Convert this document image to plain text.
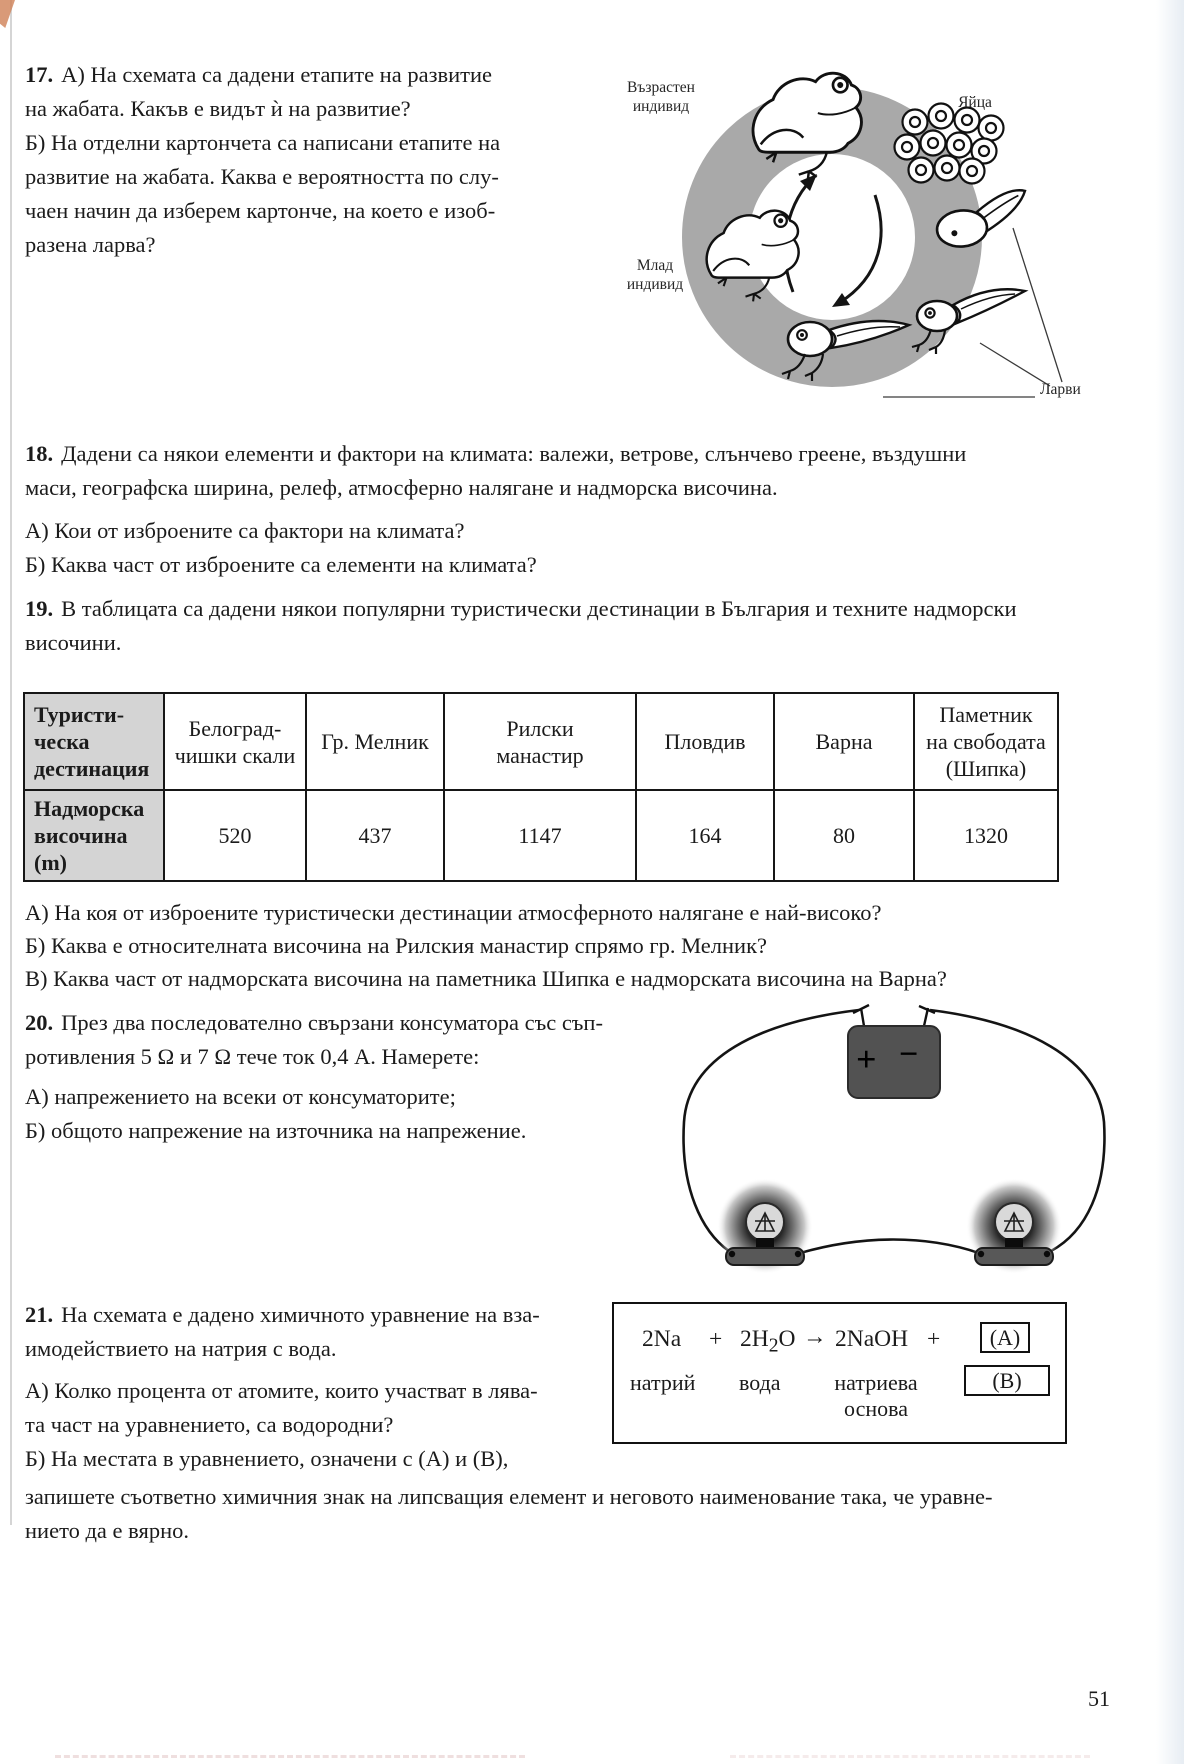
17. А) На схемата са дадени етапите на развитие
на жабата. Какъв е видът ѝ на развитие?
Б) На отделни картончета са написани етапите на
развитие на жабата. Каква е вероятността по слу-
чаен начин да изберем картонче, на което е изоб-
разена ларва?
Възрастен
индивид	Яйца
Млад
индивид
Ларви
18. Дадени са някои елементи и фактори на климата: валежи, ветрове, слънчево греене, въздушни
маси, географска ширина, релеф, атмосферно налягане и надморска височина.
А) Кои от изброените са фактори на климата?
Б) Каква част от изброените са елементи на климата?
19. В таблицата са дадени някои популярни туристически дестинации в България и техните надморски
височини.
Туристи-
ческа
дестинация	Белоград-
чишки скали	Гр. Мелник	Рилски
манастир	Пловдив	Варна	Паметник
на свободата
(Шипка)
Надморска
височина
(m)	520	437	1147	164	80	1320
А) На коя от изброените туристически дестинации атмосферното налягане е най-високо?
Б) Каква е относителната височина на Рилския манастир спрямо гр. Мелник?
В) Каква част от надморската височина на паметника Шипка е надморската височина на Варна?
20. През два последователно свързани консуматора със съп-
ротивления 5 Ω и 7 Ω тече ток 0,4 А. Намерете:
А) напрежението на всеки от консуматорите;
Б) общото напрежение на източника на напрежение.
+ −
21. На схемата е дадено химичното уравнение на вза-
имодействието на натрия с вода.
А) Колко процента от атомите, които участват в лява-
та част на уравнението, са водородни?
Б) На местата в уравнението, означени с (А) и (В),
$2Na + 2H_2O$ → 2NaOH +	(А)
(В)
натрий вода	натриева
основа
запишете съответно химичния знак на липсващия елемент и неговото наименование така, че уравне-
нието да е вярно.
51
